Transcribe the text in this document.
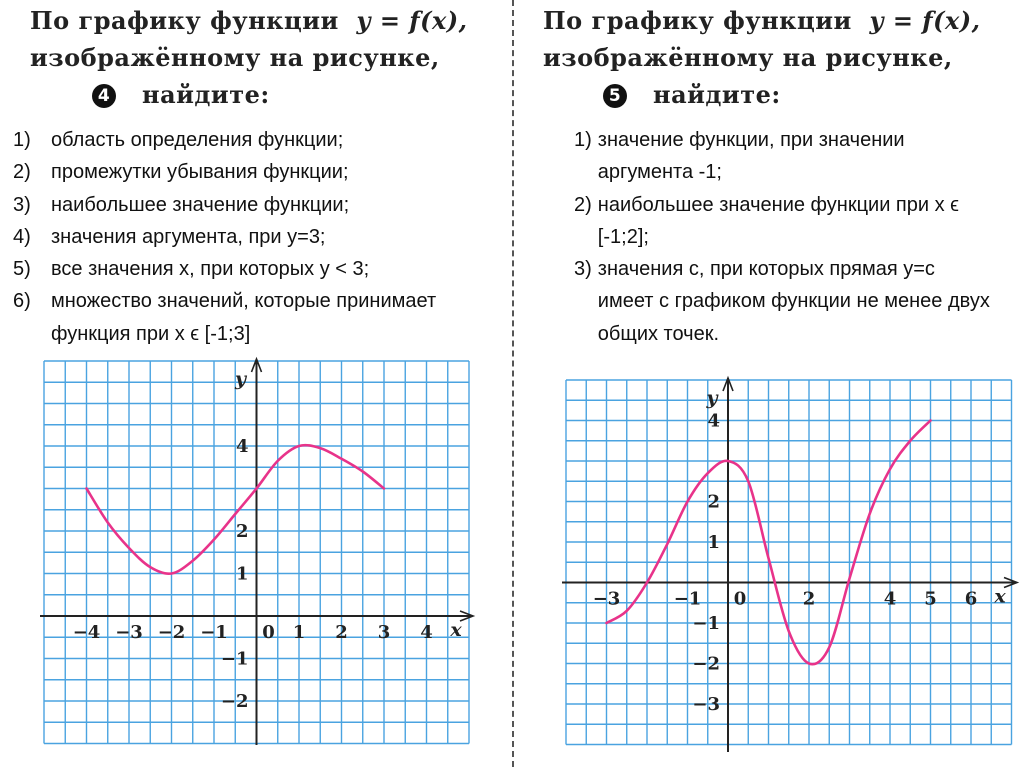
По графику функции y = f(x),
изображённому на рисунке,
4 найдите:
1)	область определения функции;
2)	промежутки убывания функции;
3)	наибольшее значение функции;
4)	значения аргумента, при y=3;
5)	все значения x, при которых y < 3;
6)	множество значений, которые принимает функция при x ϵ [-1;3]
x
y
−4 −3 −2 −1 0 1 2 3 4
4
2
1
−1
−2
По графику функции y = f(x),
изображённому на рисунке,
5 найдите:
1) значение функции, при значении аргумента -1;
2) наибольшее значение функции при x ϵ [-1;2];
3) значения c, при которых прямая y=c имеет с графиком функции не менее двух общих точек.
x
y
−3	−1 0	2	4 5 6
4
2
1
−1
−2
−3
